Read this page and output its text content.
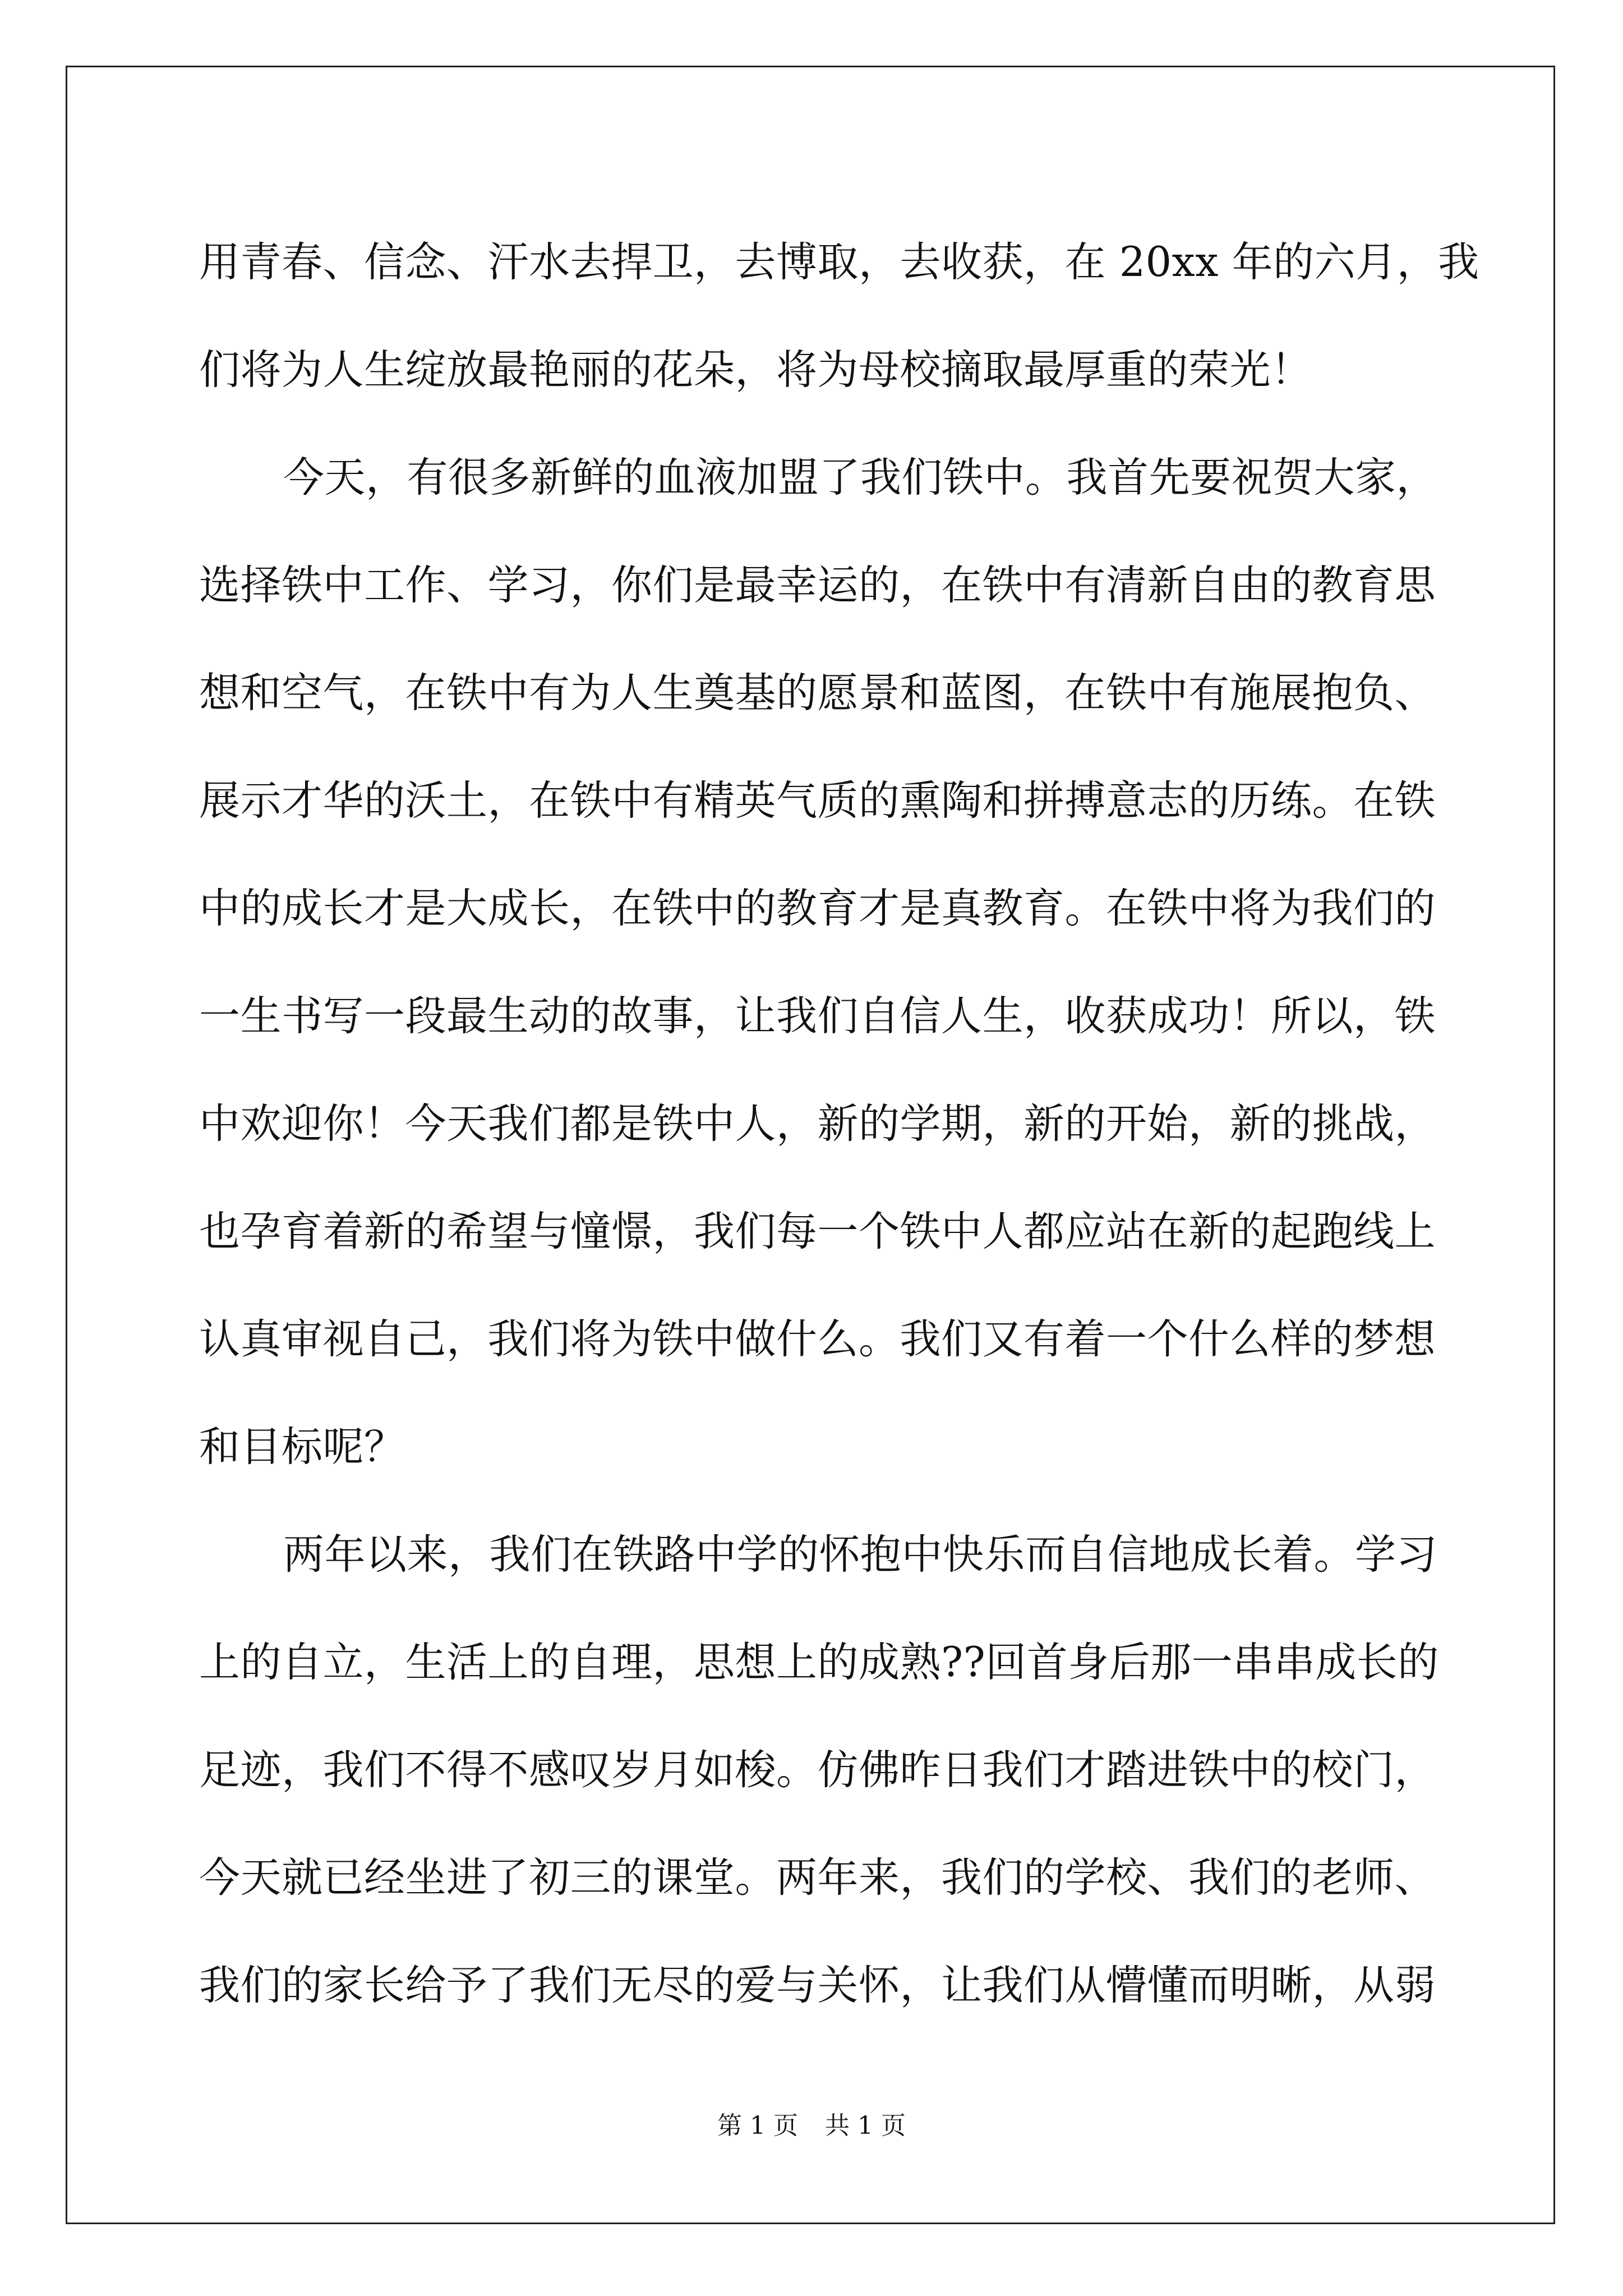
用青春、信念、汗水去捍卫，去博取，去收获，在 20xx 年的六月，我
们将为人生绽放最艳丽的花朵，将为母校摘取最厚重的荣光！
今天，有很多新鲜的血液加盟了我们铁中。我首先要祝贺大家，
选择铁中工作、学习，你们是最幸运的，在铁中有清新自由的教育思
想和空气，在铁中有为人生奠基的愿景和蓝图，在铁中有施展抱负、
展示才华的沃土，在铁中有精英气质的熏陶和拼搏意志的历练。在铁
中的成长才是大成长，在铁中的教育才是真教育。在铁中将为我们的
一生书写一段最生动的故事，让我们自信人生，收获成功！所以，铁
中欢迎你！今天我们都是铁中人，新的学期，新的开始，新的挑战，
也孕育着新的希望与憧憬，我们每一个铁中人都应站在新的起跑线上
认真审视自己，我们将为铁中做什么。我们又有着一个什么样的梦想
和目标呢？
两年以来，我们在铁路中学的怀抱中快乐而自信地成长着。学习
上的自立，生活上的自理，思想上的成熟??回首身后那一串串成长的
足迹，我们不得不感叹岁月如梭。仿佛昨日我们才踏进铁中的校门，
今天就已经坐进了初三的课堂。两年来，我们的学校、我们的老师、
我们的家长给予了我们无尽的爱与关怀，让我们从懵懂而明晰，从弱
第 1 页 共 1 页
